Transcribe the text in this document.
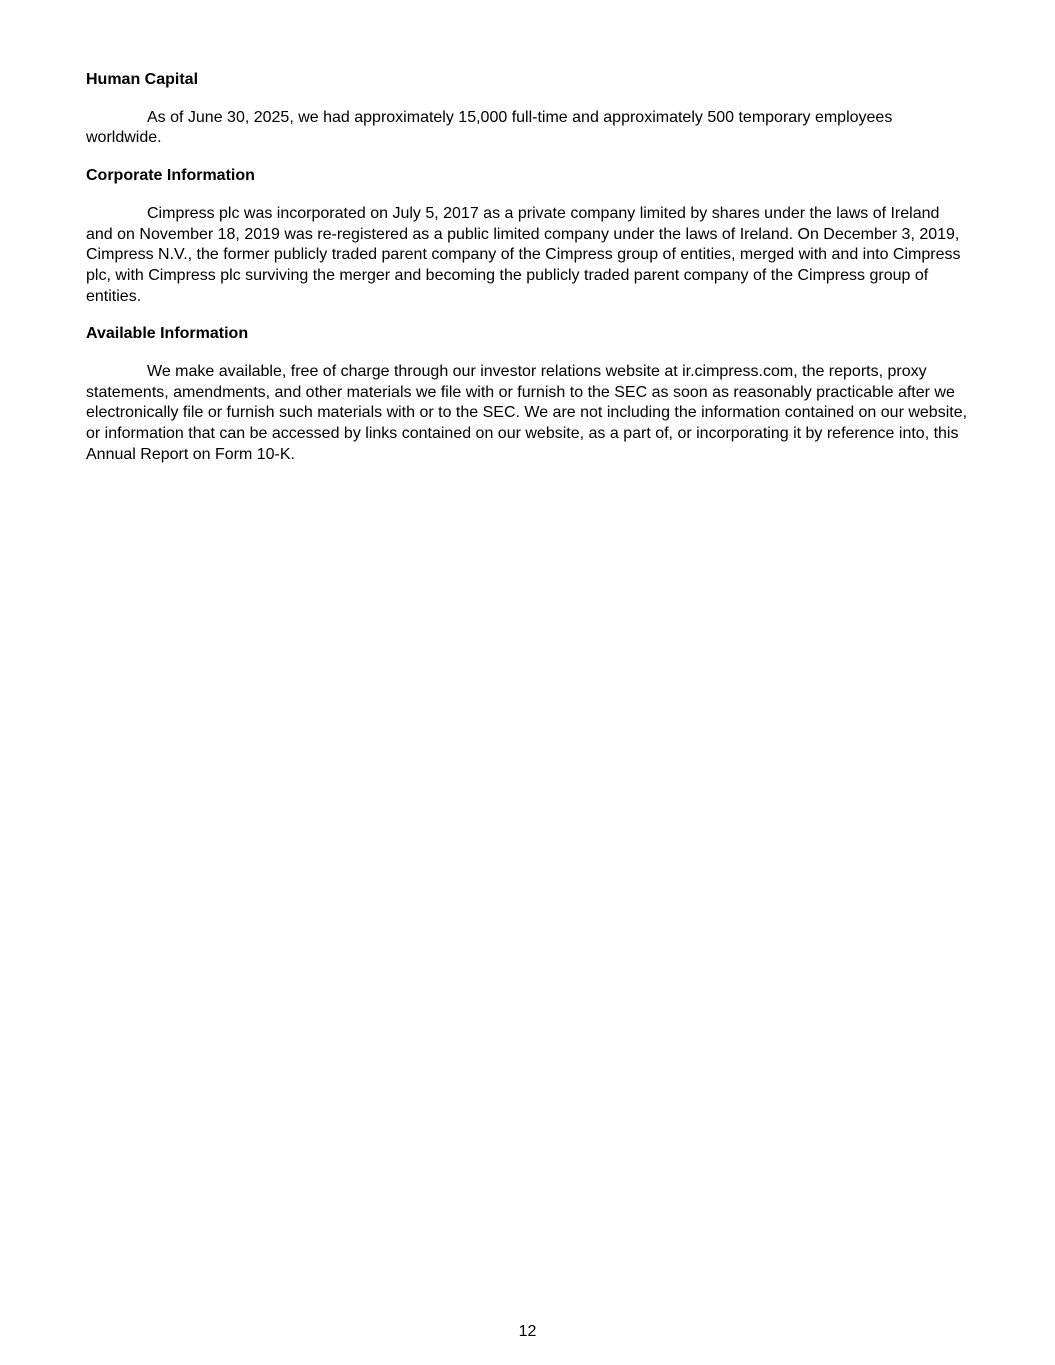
Human Capital
As of June 30, 2025, we had approximately 15,000 full-time and approximately 500 temporary employees worldwide.
Corporate Information
Cimpress plc was incorporated on July 5, 2017 as a private company limited by shares under the laws of Ireland and on November 18, 2019 was re-registered as a public limited company under the laws of Ireland. On December 3, 2019, Cimpress N.V., the former publicly traded parent company of the Cimpress group of entities, merged with and into Cimpress plc, with Cimpress plc surviving the merger and becoming the publicly traded parent company of the Cimpress group of entities.
Available Information
We make available, free of charge through our investor relations website at ir.cimpress.com, the reports, proxy statements, amendments, and other materials we file with or furnish to the SEC as soon as reasonably practicable after we electronically file or furnish such materials with or to the SEC. We are not including the information contained on our website, or information that can be accessed by links contained on our website, as a part of, or incorporating it by reference into, this Annual Report on Form 10-K.
12
